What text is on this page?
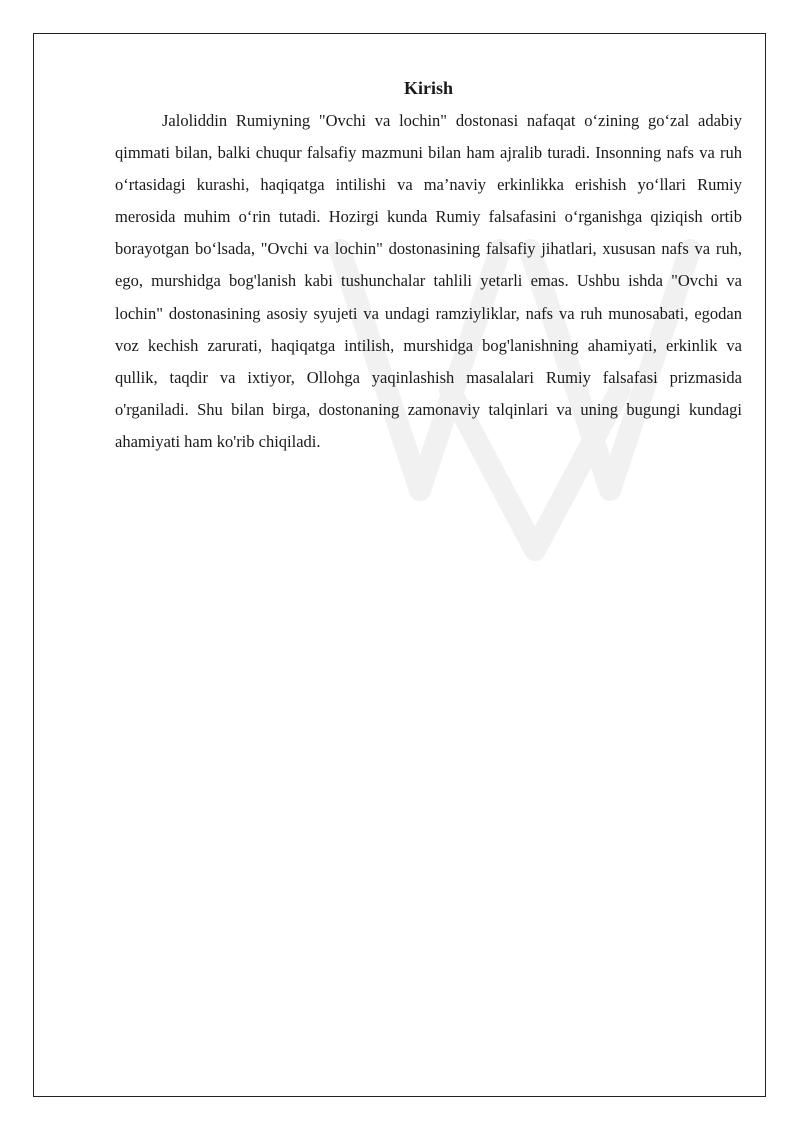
Kirish

Jaloliddin Rumiyning "Ovchi va lochin" dostonasi nafaqat o‘zining go‘zal adabiy qimmati bilan, balki chuqur falsafiy mazmuni bilan ham ajralib turadi. Insonning nafs va ruh o‘rtasidagi kurashi, haqiqatga intilishi va ma’naviy erkinlikka erishish yo‘llari Rumiy merosida muhim o‘rin tutadi. Hozirgi kunda Rumiy falsafasini o‘rganishga qiziqish ortib borayotgan bo‘lsada, "Ovchi va lochin" dostonasining falsafiy jihatlari, xususan nafs va ruh, ego, murshidga bog'lanish kabi tushunchalar tahlili yetarli emas. Ushbu ishda "Ovchi va lochin" dostonasining asosiy syujeti va undagi ramziyliklar, nafs va ruh munosabati, egodan voz kechish zarurati, haqiqatga intilish, murshidga bog'lanishning ahamiyati, erkinlik va qullik, taqdir va ixtiyor, Ollohga yaqinlashish masalalari Rumiy falsafasi prizmasida o'rganiladi. Shu bilan birga, dostonaning zamonaviy talqinlari va uning bugungi kundagi ahamiyati ham ko'rib chiqiladi.
